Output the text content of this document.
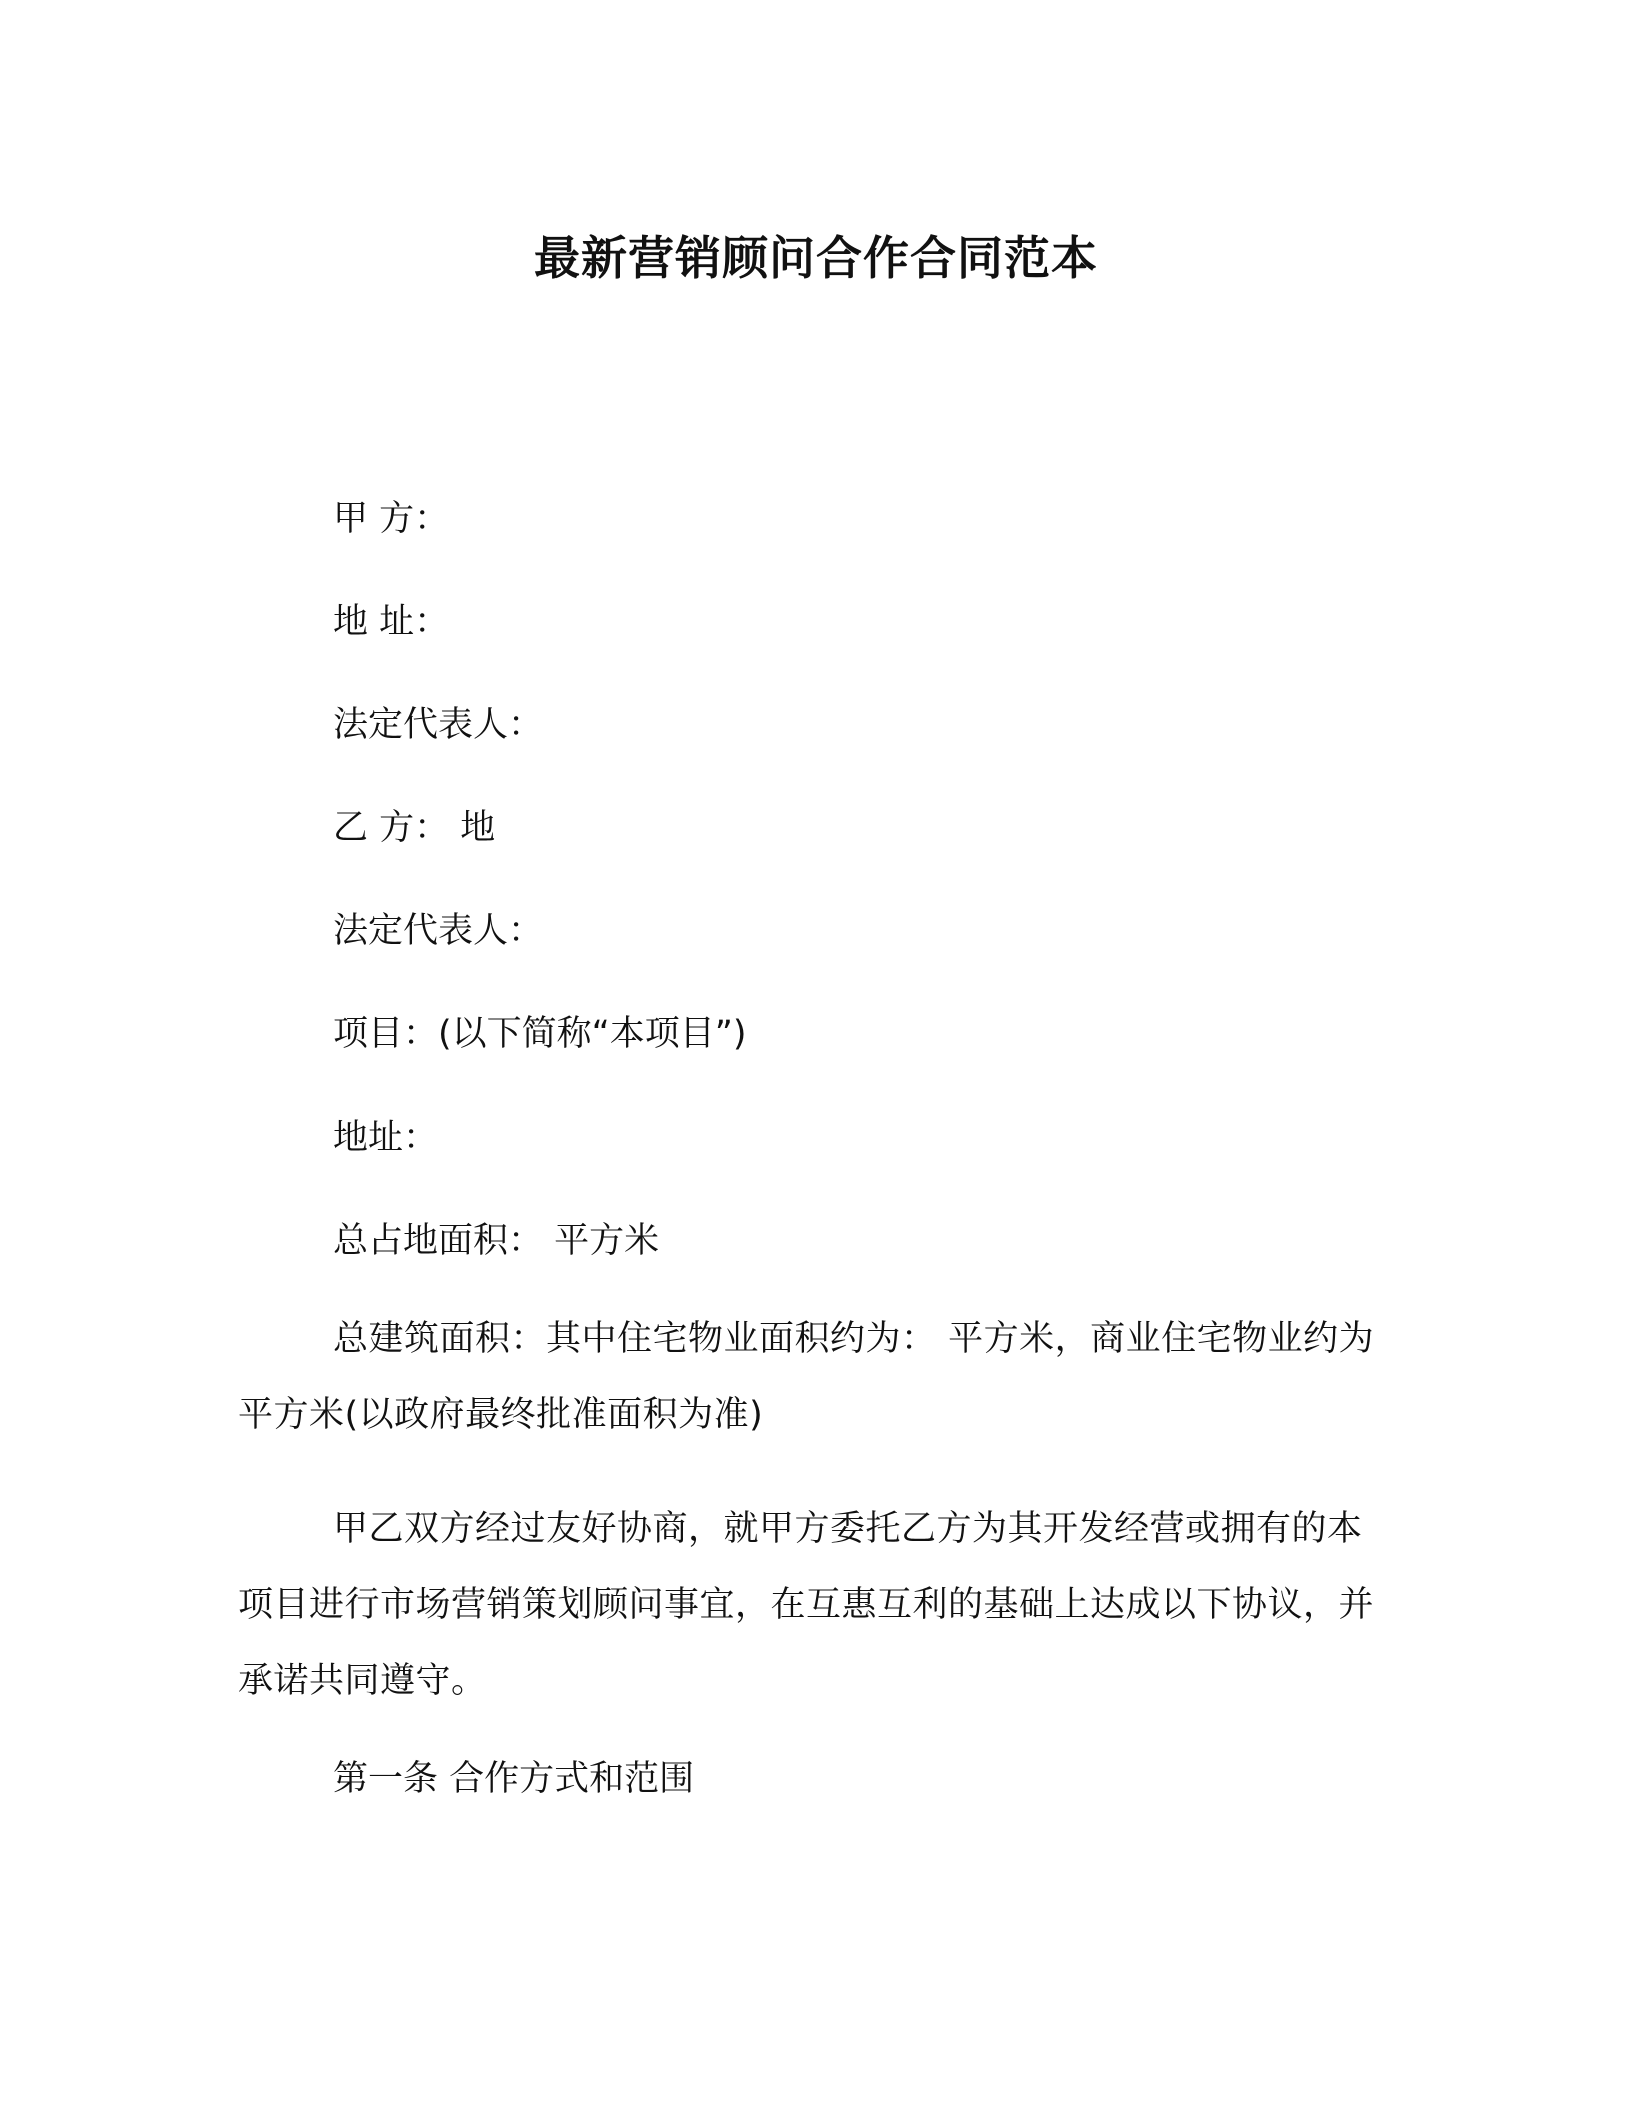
最新营销顾问合作合同范本
甲 方：
地 址：
法定代表人：
乙 方： 地
法定代表人：
项目：(以下简称“本项目”)
地址：
总占地面积： 平方米
总建筑面积：其中住宅物业面积约为： 平方米，商业住宅物业约为 平方米(以政府最终批准面积为准)
甲乙双方经过友好协商，就甲方委托乙方为其开发经营或拥有的本项目进行市场营销策划顾问事宜，在互惠互利的基础上达成以下协议，并承诺共同遵守。
第一条 合作方式和范围
